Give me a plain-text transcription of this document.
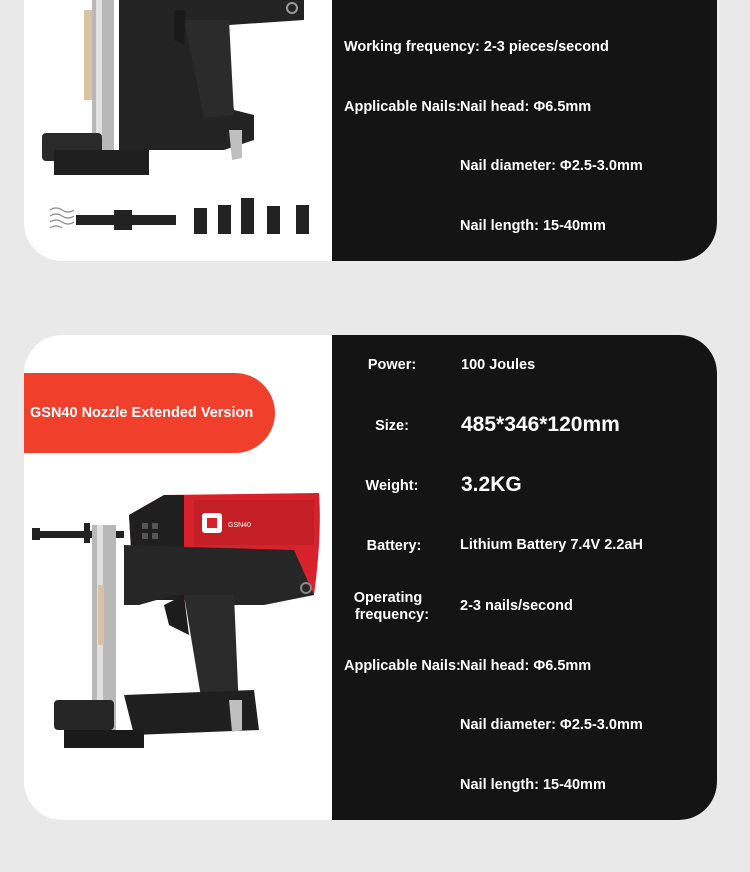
Working frequency: 2-3 pieces/second
Applicable Nails: Nail head: Φ6.5mm
Nail diameter: Φ2.5-3.0mm
Nail length: 15-40mm
GSN40 Nozzle Extended Version
GSN40
Power:	100 Joules
Size:	485*346*120mm
Weight:	3.2KG
Battery:	Lithium Battery 7.4V 2.2aH
Operating
frequency:
2-3 nails/second
Applicable Nails: Nail head: Φ6.5mm
Nail diameter: Φ2.5-3.0mm
Nail length: 15-40mm
